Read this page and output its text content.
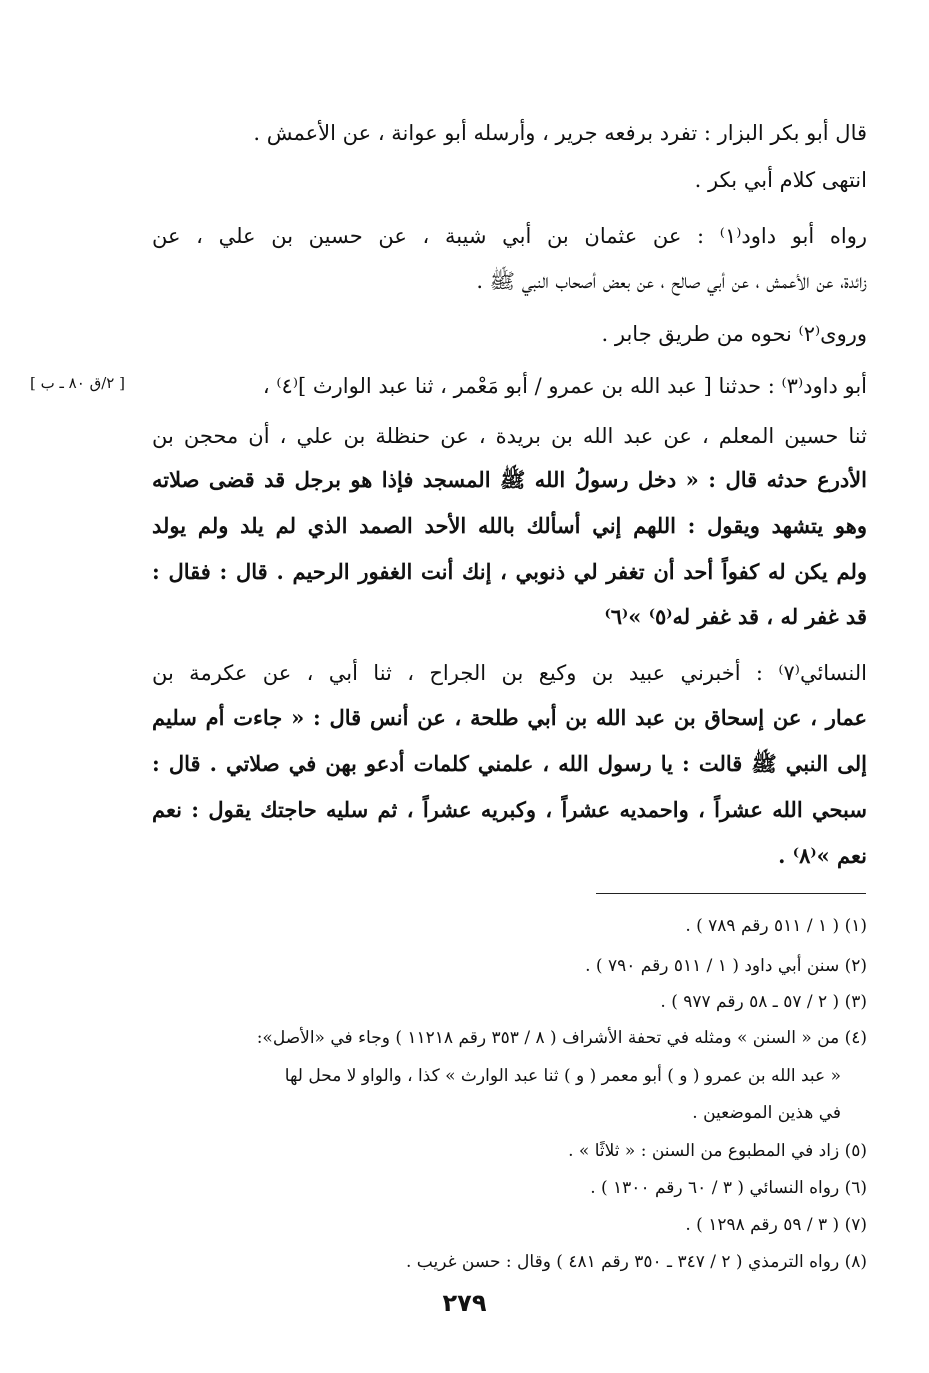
[ ٢/ق ٨٠ ـ ب ]
قال أبو بكر البزار : تفرد برفعه جرير ، وأرسله أبو عوانة ، عن الأعمش .
انتهى كلام أبي بكر .
رواه أبو داود⁽١⁾ : عن عثمان بن أبي شيبة ، عن حسين بن علي ، عن
زائدة، عن الأعمش ، عن أبي صالح ، عن بعض أصحاب النبي ﷺ .
وروى⁽٢⁾ نحوه من طريق جابر .
أبو داود⁽٣⁾ : حدثنا [ عبد الله بن عمرو / أبو مَعْمر ، ثنا عبد الوارث ]⁽٤⁾ ،
ثنا حسين المعلم ، عن عبد الله بن بريدة ، عن حنظلة بن علي ، أن محجن بن
الأدرع حدثه قال : « دخل رسولُ الله ﷺ المسجد فإذا هو برجل قد قضى صلاته
وهو يتشهد ويقول : اللهم إني أسألك بالله الأحد الصمد الذي لم يلد ولم يولد
ولم يكن له كفواً أحد أن تغفر لي ذنوبي ، إنك أنت الغفور الرحيم . قال : فقال :
قد غفر له ، قد غفر له⁽٥⁾ »⁽٦⁾
النسائي⁽٧⁾ : أخبرني عبيد بن وكيع بن الجراح ، ثنا أبي ، عن عكرمة بن
عمار ، عن إسحاق بن عبد الله بن أبي طلحة ، عن أنس قال : « جاءت أم سليم
إلى النبي ﷺ قالت : يا رسول الله ، علمني كلمات أدعو بهن في صلاتي . قال :
سبحي الله عشراً ، واحمديه عشراً ، وكبريه عشراً ، ثم سليه حاجتك يقول : نعم
نعم »⁽٨⁾ .
(١) ( ١ / ٥١١ رقم ٧٨٩ ) .
(٢) سنن أبي داود ( ١ / ٥١١ رقم ٧٩٠ ) .
(٣) ( ٢ / ٥٧ ـ ٥٨ رقم ٩٧٧ ) .
(٤) من « السنن » ومثله في تحفة الأشراف ( ٨ / ٣٥٣ رقم ١١٢١٨ ) وجاء في «الأصل»:
« عبد الله بن عمرو ( و ) أبو معمر ( و ) ثنا عبد الوارث » كذا ، والواو لا محل لها
في هذين الموضعين .
(٥) زاد في المطبوع من السنن : « ثلاثًا » .
(٦) رواه النسائي ( ٣ / ٦٠ رقم ١٣٠٠ ) .
(٧) ( ٣ / ٥٩ رقم ١٢٩٨ ) .
(٨) رواه الترمذي ( ٢ / ٣٤٧ ـ ٣٥٠ رقم ٤٨١ ) وقال : حسن غريب .
٢٧٩
